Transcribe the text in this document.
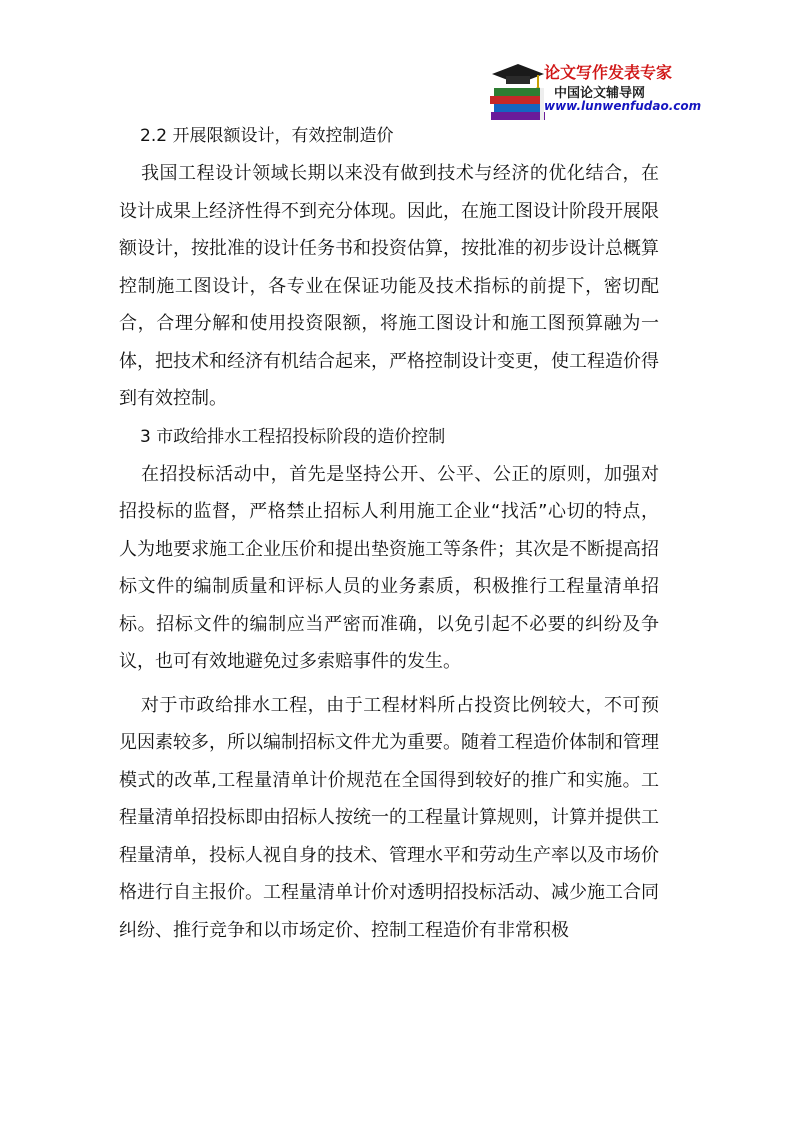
论文写作发表专家
中国论文辅导网
www.lunwenfudao.com
2.2 开展限额设计，有效控制造价

我国工程设计领域长期以来没有做到技术与经济的优化结合，在设计成果上经济性得不到充分体现。因此，在施工图设计阶段开展限额设计，按批准的设计任务书和投资估算，按批准的初步设计总概算控制施工图设计，各专业在保证功能及技术指标的前提下，密切配合，合理分解和使用投资限额，将施工图设计和施工图预算融为一体，把技术和经济有机结合起来，严格控制设计变更，使工程造价得到有效控制。

3 市政给排水工程招投标阶段的造价控制

在招投标活动中，首先是坚持公开、公平、公正的原则，加强对招投标的监督，严格禁止招标人利用施工企业“找活”心切的特点，人为地要求施工企业压价和提出垫资施工等条件；其次是不断提高招标文件的编制质量和评标人员的业务素质，积极推行工程量清单招标。招标文件的编制应当严密而准确，以免引起不必要的纠纷及争议，也可有效地避免过多索赔事件的发生。

对于市政给排水工程，由于工程材料所占投资比例较大，不可预见因素较多，所以编制招标文件尤为重要。随着工程造价体制和管理模式的改革,工程量清单计价规范在全国得到较好的推广和实施。工程量清单招投标即由招标人按统一的工程量计算规则，计算并提供工程量清单，投标人视自身的技术、管理水平和劳动生产率以及市场价格进行自主报价。工程量清单计价对透明招投标活动、减少施工合同纠纷、推行竞争和以市场定价、控制工程造价有非常积极
